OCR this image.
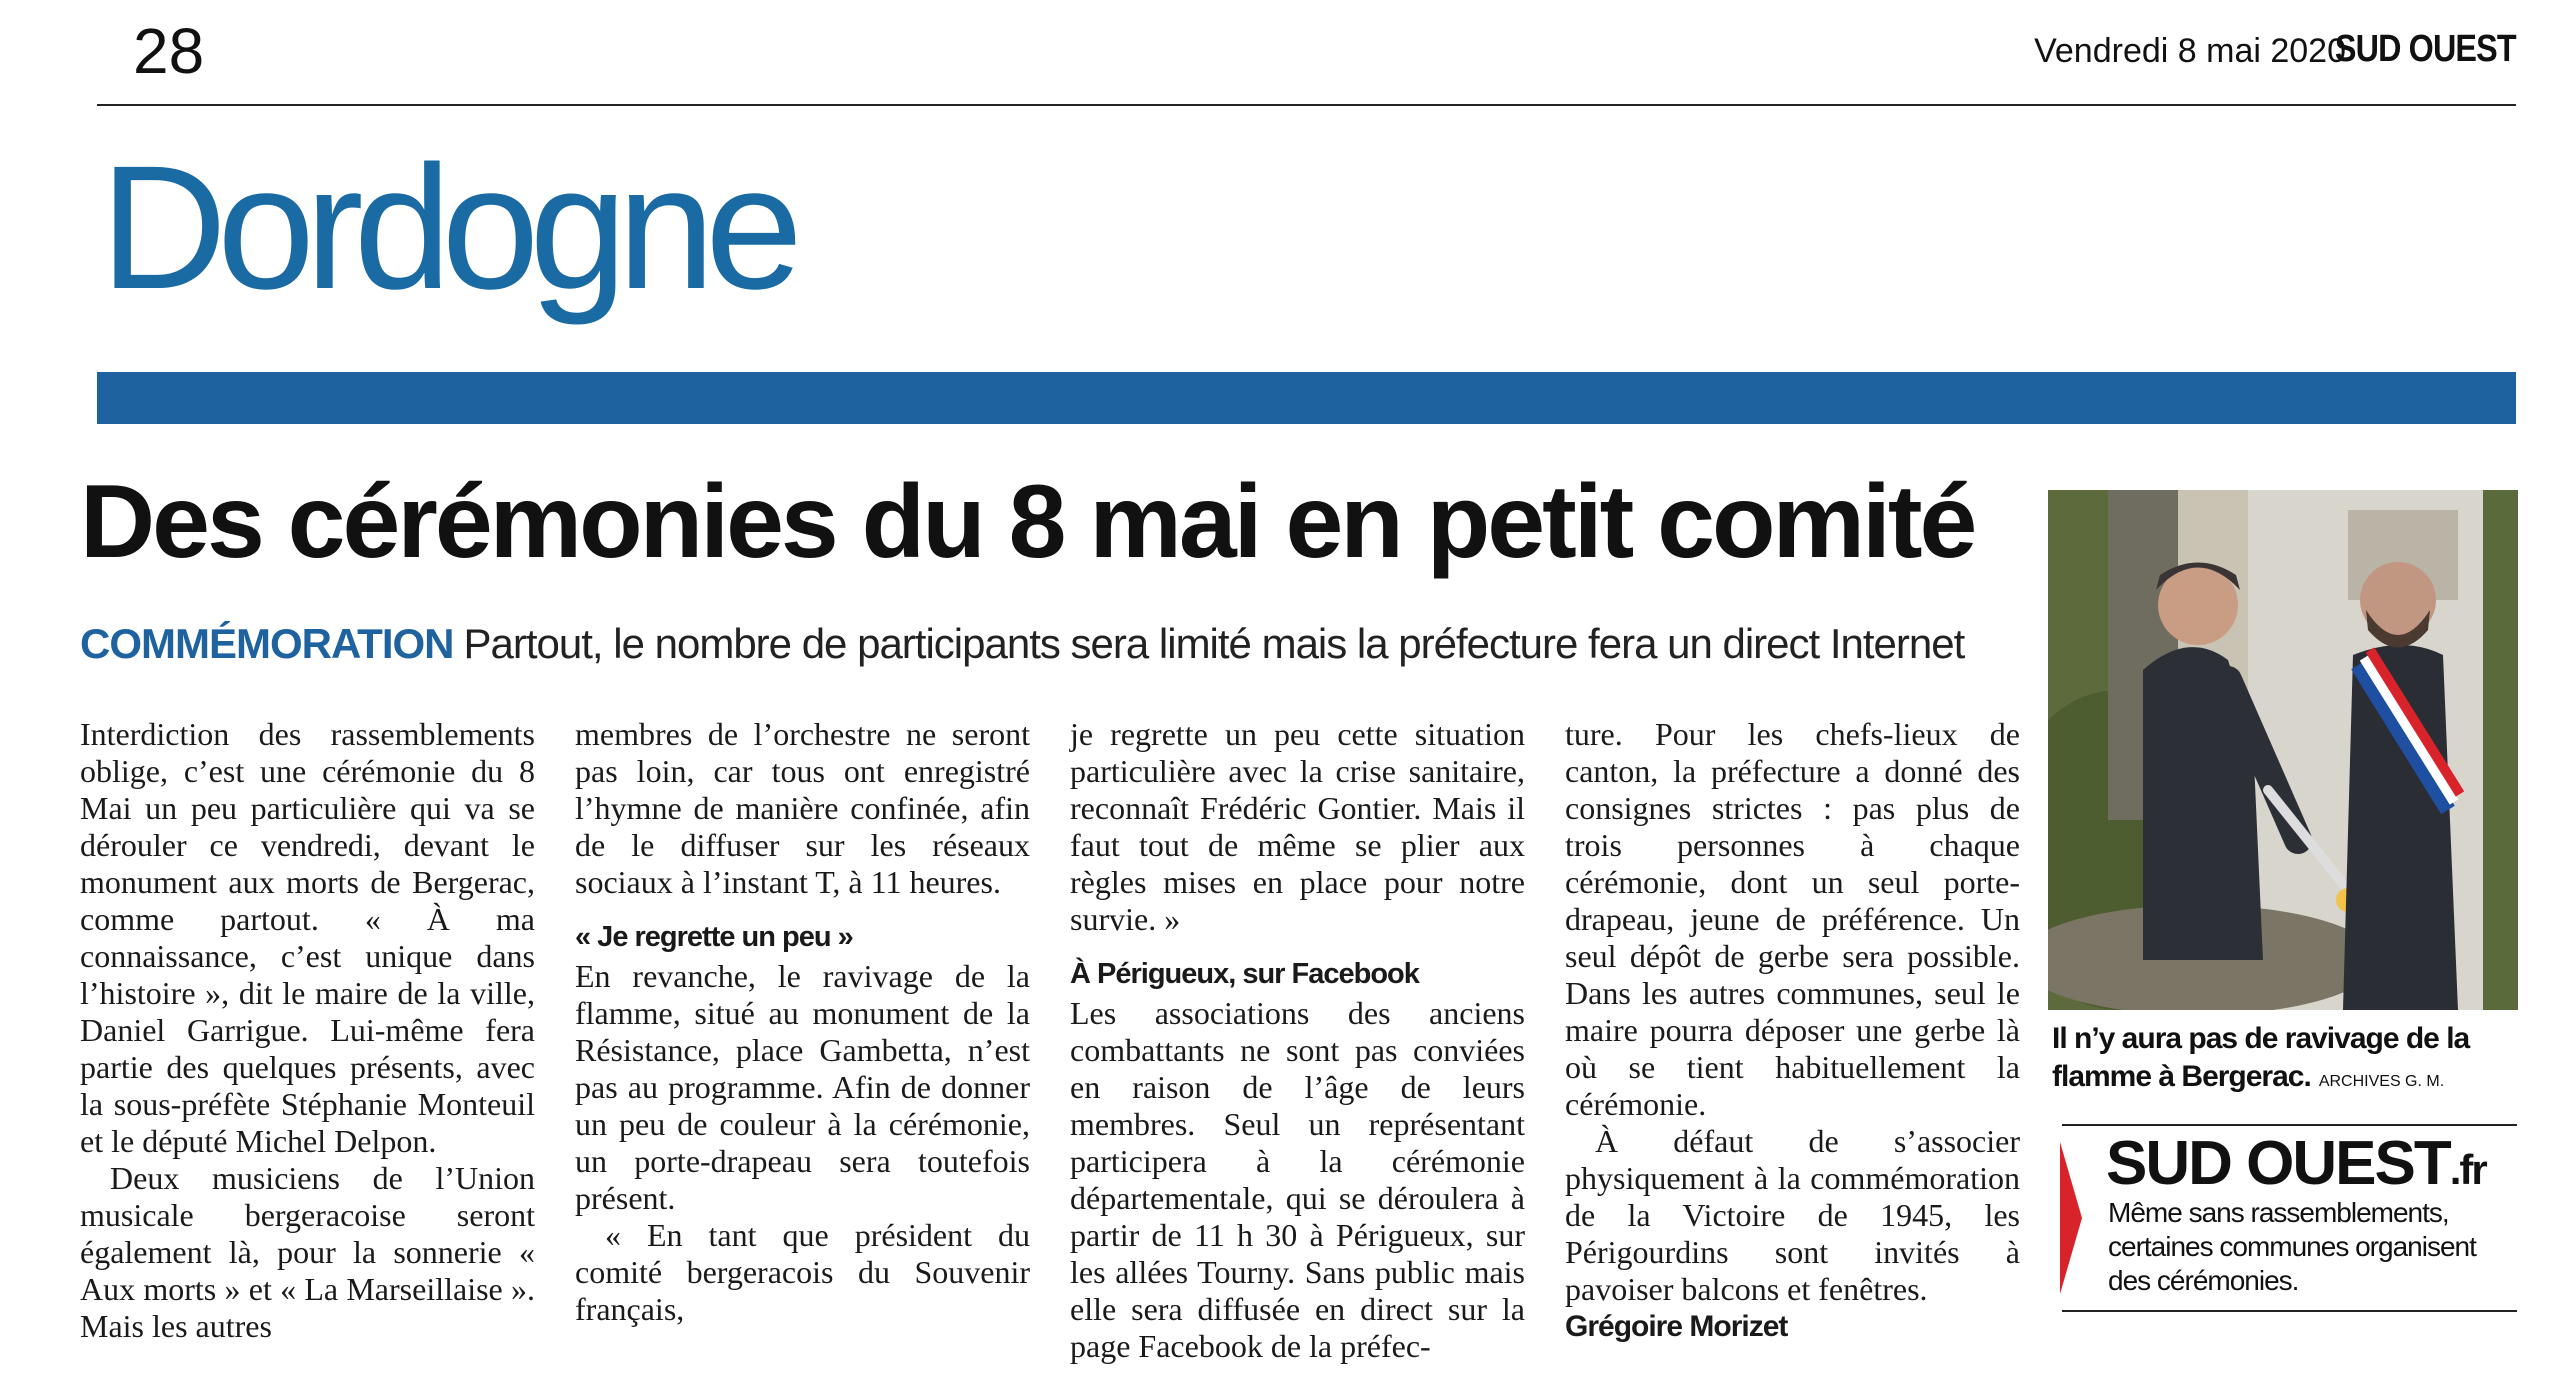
28	Vendredi 8 mai 2020
SUD OUEST
Dordogne
Des cérémonies du 8 mai en petit comité
COMMÉMORATION Partout, le nombre de participants sera limité mais la préfecture fera un direct Internet

Interdiction des rassemblements oblige, c’est une cérémonie du 8 Mai un peu particulière qui va se dérouler ce vendredi, devant le monument aux morts de Bergerac, comme partout. « À ma connaissance, c’est unique dans l’histoire », dit le maire de la ville, Daniel Garrigue. Lui-même fera partie des quelques présents, avec la sous-préfète Stéphanie Monteuil et le député Michel Delpon.

Deux musiciens de l’Union musicale bergeracoise seront également là, pour la sonnerie « Aux morts » et « La Marseillaise ». Mais les autres

membres de l’orchestre ne seront pas loin, car tous ont enregistré l’hymne de manière confinée, afin de le diffuser sur les réseaux sociaux à l’instant T, à 11 heures.

« Je regrette un peu »

En revanche, le ravivage de la flamme, situé au monument de la Résistance, place Gambetta, n’est pas au programme. Afin de donner un peu de couleur à la cérémonie, un porte-drapeau sera toutefois présent.

« En tant que président du comité bergeracois du Souvenir français,

je regrette un peu cette situation particulière avec la crise sanitaire, reconnaît Frédéric Gontier. Mais il faut tout de même se plier aux règles mises en place pour notre survie. »

À Périgueux, sur Facebook

Les associations des anciens combattants ne sont pas conviées en raison de l’âge de leurs membres. Seul un représentant participera à la cérémonie départementale, qui se déroulera à partir de 11 h 30 à Périgueux, sur les allées Tourny. Sans public mais elle sera diffusée en direct sur la page Facebook de la préfec-

ture. Pour les chefs-lieux de canton, la préfecture a donné des consignes strictes : pas plus de trois personnes à chaque cérémonie, dont un seul porte-drapeau, jeune de préférence. Un seul dépôt de gerbe sera possible. Dans les autres communes, seul le maire pourra déposer une gerbe là où se tient habituellement la cérémonie.

À défaut de s’associer physiquement à la commémoration de la Victoire de 1945, les Périgourdins sont invités à pavoiser balcons et fenêtres.

Grégoire Morizet
Il n’y aura pas de ravivage de la flamme à Bergerac. ARCHIVES G. M.
SUD OUEST.fr
Même sans rassemblements, certaines communes organisent des cérémonies.
